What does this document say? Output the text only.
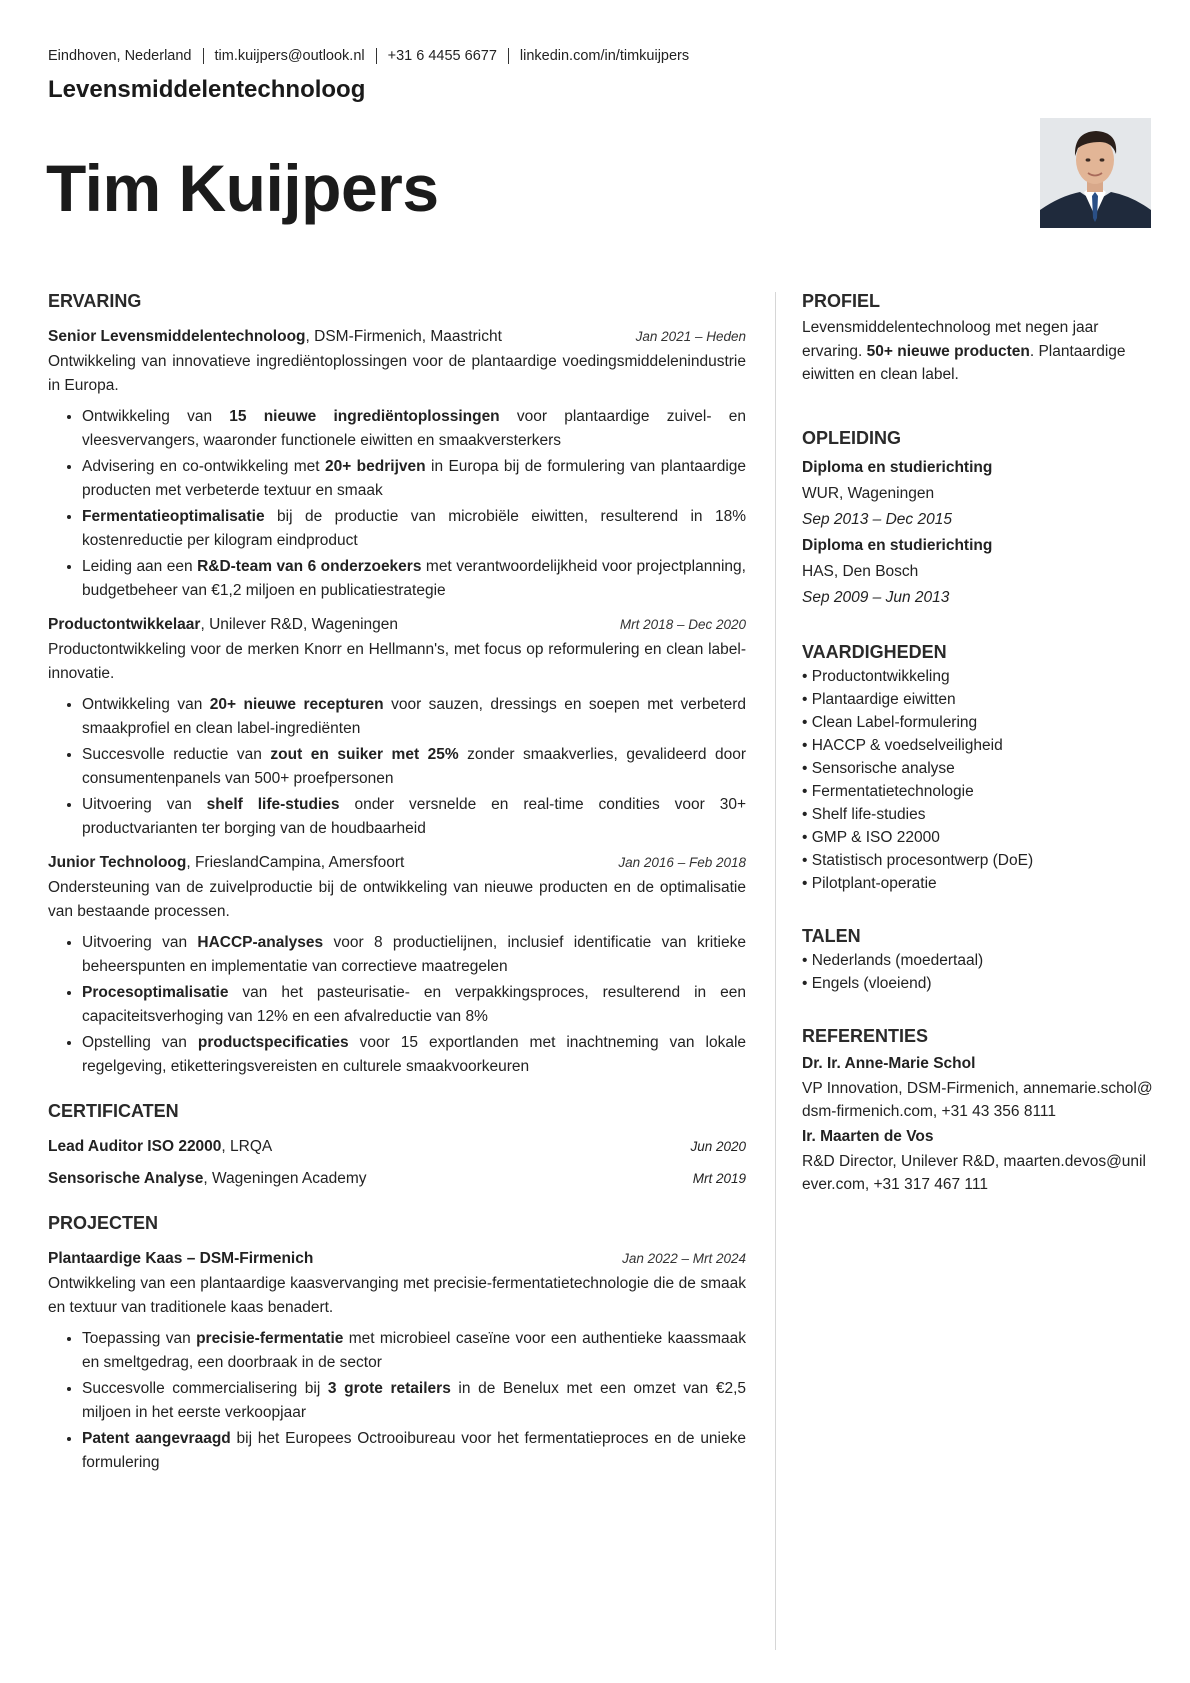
Eindhoven, Nederland tim.kuijpers@outlook.nl +31 6 4455 6677 linkedin.com/in/timkuijpers
Levensmiddelentechnoloog
Tim Kuijpers
ERVARING
Senior Levensmiddelentechnoloog, DSM-Firmenich, Maastricht	Jan 2021 – Heden
Ontwikkeling van innovatieve ingrediëntoplossingen voor de plantaardige voedingsmiddelenindustrie in Europa.
• Ontwikkeling van 15 nieuwe ingrediëntoplossingen voor plantaardige zuivel- en vleesvervangers, waaronder functionele eiwitten en smaakversterkers
• Advisering en co-ontwikkeling met 20+ bedrijven in Europa bij de formulering van plantaardige producten met verbeterde textuur en smaak
• Fermentatieoptimalisatie bij de productie van microbiële eiwitten, resulterend in 18% kostenreductie per kilogram eindproduct
• Leiding aan een R&D-team van 6 onderzoekers met verantwoordelijkheid voor projectplanning, budgetbeheer van €1,2 miljoen en publicatiestrategie
Productontwikkelaar, Unilever R&D, Wageningen	Mrt 2018 – Dec 2020
Productontwikkeling voor de merken Knorr en Hellmann's, met focus op reformulering en clean label-innovatie.
• Ontwikkeling van 20+ nieuwe recepturen voor sauzen, dressings en soepen met verbeterd smaakprofiel en clean label-ingrediënten
• Succesvolle reductie van zout en suiker met 25% zonder smaakverlies, gevalideerd door consumentenpanels van 500+ proefpersonen
• Uitvoering van shelf life-studies onder versnelde en real-time condities voor 30+ productvarianten ter borging van de houdbaarheid
Junior Technoloog, FrieslandCampina, Amersfoort	Jan 2016 – Feb 2018
Ondersteuning van de zuivelproductie bij de ontwikkeling van nieuwe producten en de optimalisatie van bestaande processen.
• Uitvoering van HACCP-analyses voor 8 productielijnen, inclusief identificatie van kritieke beheerspunten en implementatie van correctieve maatregelen
• Procesoptimalisatie van het pasteurisatie- en verpakkingsproces, resulterend in een capaciteitsverhoging van 12% en een afvalreductie van 8%
• Opstelling van productspecificaties voor 15 exportlanden met inachtneming van lokale regelgeving, etiketteringsvereisten en culturele smaakvoorkeuren
CERTIFICATEN
Lead Auditor ISO 22000, LRQA	Jun 2020
Sensorische Analyse, Wageningen Academy	Mrt 2019
PROJECTEN
Plantaardige Kaas – DSM-Firmenich	Jan 2022 – Mrt 2024
Ontwikkeling van een plantaardige kaasvervanging met precisie-fermentatietechnologie die de smaak en textuur van traditionele kaas benadert.
• Toepassing van precisie-fermentatie met microbieel caseïne voor een authentieke kaassmaak en smeltgedrag, een doorbraak in de sector
• Succesvolle commercialisering bij 3 grote retailers in de Benelux met een omzet van €2,5 miljoen in het eerste verkoopjaar
• Patent aangevraagd bij het Europees Octrooibureau voor het fermentatieproces en de unieke formulering
PROFIEL
Levensmiddelentechnoloog met negen jaar ervaring. 50+ nieuwe producten. Plantaardige eiwitten en clean label.
OPLEIDING
Diploma en studierichting
WUR, Wageningen
Sep 2013 – Dec 2015
Diploma en studierichting
HAS, Den Bosch
Sep 2009 – Jun 2013
VAARDIGHEDEN
• Productontwikkeling
• Plantaardige eiwitten
• Clean Label-formulering
• HACCP & voedselveiligheid
• Sensorische analyse
• Fermentatietechnologie
• Shelf life-studies
• GMP & ISO 22000
• Statistisch procesontwerp (DoE)
• Pilotplant-operatie
TALEN
• Nederlands (moedertaal)
• Engels (vloeiend)
REFERENTIES
Dr. Ir. Anne-Marie Schol
VP Innovation, DSM-Firmenich, annemarie.schol@dsm-firmenich.com, +31 43 356 8111
Ir. Maarten de Vos
R&D Director, Unilever R&D, maarten.devos@unilever.com, +31 317 467 111
